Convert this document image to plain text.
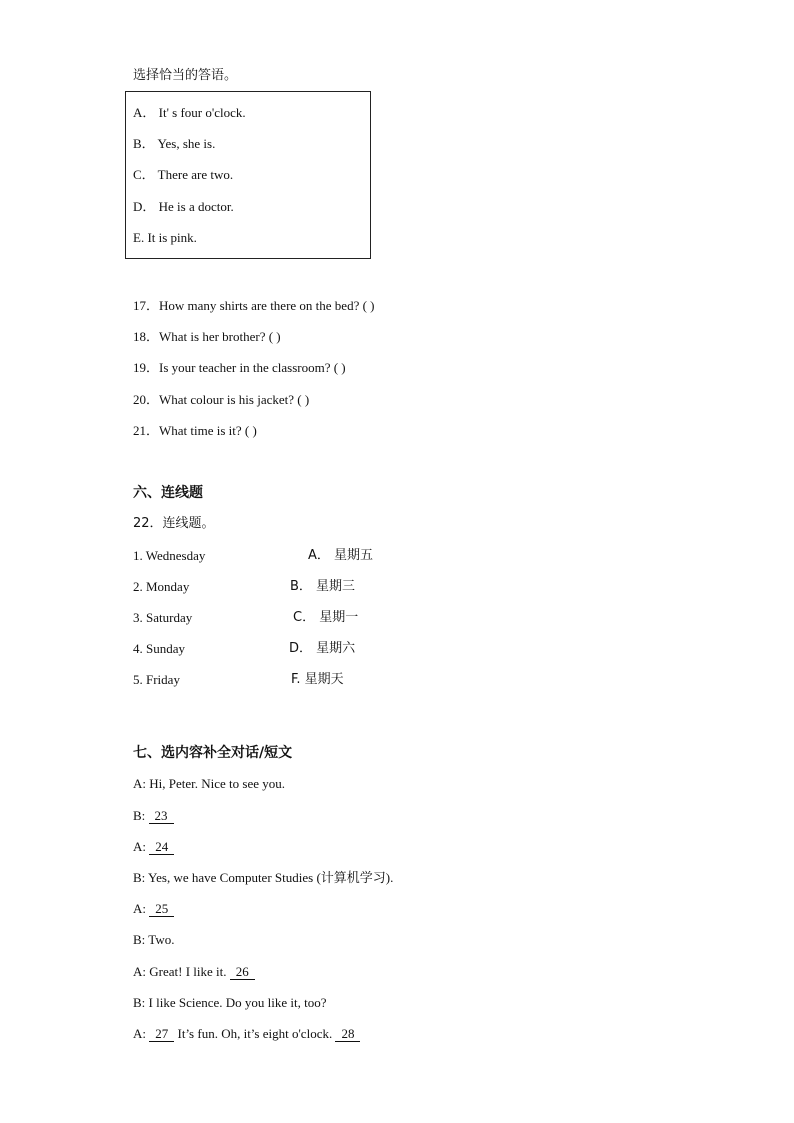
选择恰当的答语。
A． It' s four o'clock.
B． Yes, she is.
C． There are two.
D． He is a doctor.
E. It is pink.
17．How many shirts are there on the bed? ( )
18．What is her brother? ( )
19．Is your teacher in the classroom? ( )
20．What colour is his jacket? ( )
21．What time is it? ( )
六、连线题
22．连线题。
1. Wednesday
2. Monday
3. Saturday
4. Sunday
5. Friday
A． 星期五
B． 星期三
C． 星期一
D． 星期六
F. 星期天
七、选内容补全对话/短文
A: Hi, Peter. Nice to see you.
B: 23
A: 24
B: Yes, we have Computer Studies (计算机学习).
A: 25
B: Two.
A: Great! I like it. 26
B: I like Science. Do you like it, too?
A: 27 It’s fun. Oh, it’s eight o'clock. 28
